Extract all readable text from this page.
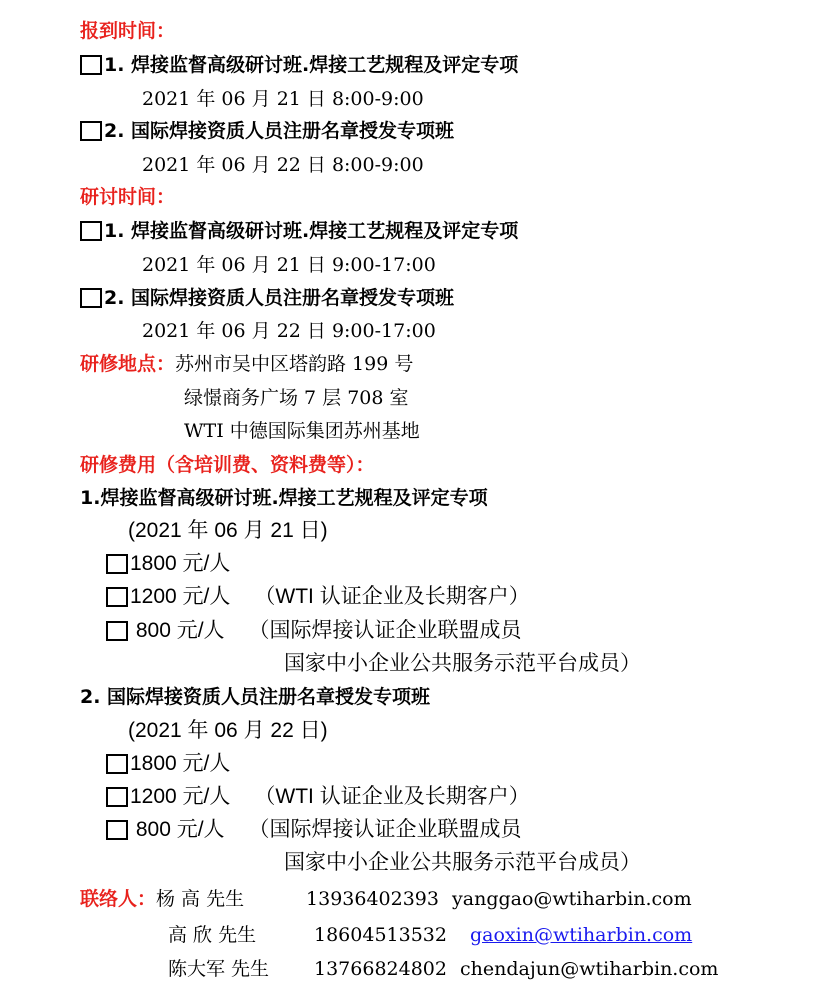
报到时间：
1. 焊接监督高级研讨班.焊接工艺规程及评定专项
2021 年 06 月 21 日 8:00-9:00
2. 国际焊接资质人员注册名章授发专项班
2021 年 06 月 22 日 8:00-9:00
研讨时间：
1. 焊接监督高级研讨班.焊接工艺规程及评定专项
2021 年 06 月 21 日 9:00-17:00
2. 国际焊接资质人员注册名章授发专项班
2021 年 06 月 22 日 9:00-17:00
研修地点：苏州市吴中区塔韵路 199 号
绿憬商务广场 7 层 708 室
WTI 中德国际集团苏州基地
研修费用（含培训费、资料费等）：
1.焊接监督高级研讨班.焊接工艺规程及评定专项
(2021 年 06 月 21 日)
1800 元/人
1200 元/人 （WTI 认证企业及长期客户）
800 元/人 （国际焊接认证企业联盟成员
国家中小企业公共服务示范平台成员）
2. 国际焊接资质人员注册名章授发专项班
(2021 年 06 月 22 日)
1800 元/人
1200 元/人 （WTI 认证企业及长期客户）
800 元/人 （国际焊接认证企业联盟成员
国家中小企业公共服务示范平台成员）
联络人：杨 高 先生	13936402393 yanggao@wtiharbin.com
高 欣 先生	18604513532 gaoxin@wtiharbin.com
陈大军 先生 13766824802 chendajun@wtiharbin.com
